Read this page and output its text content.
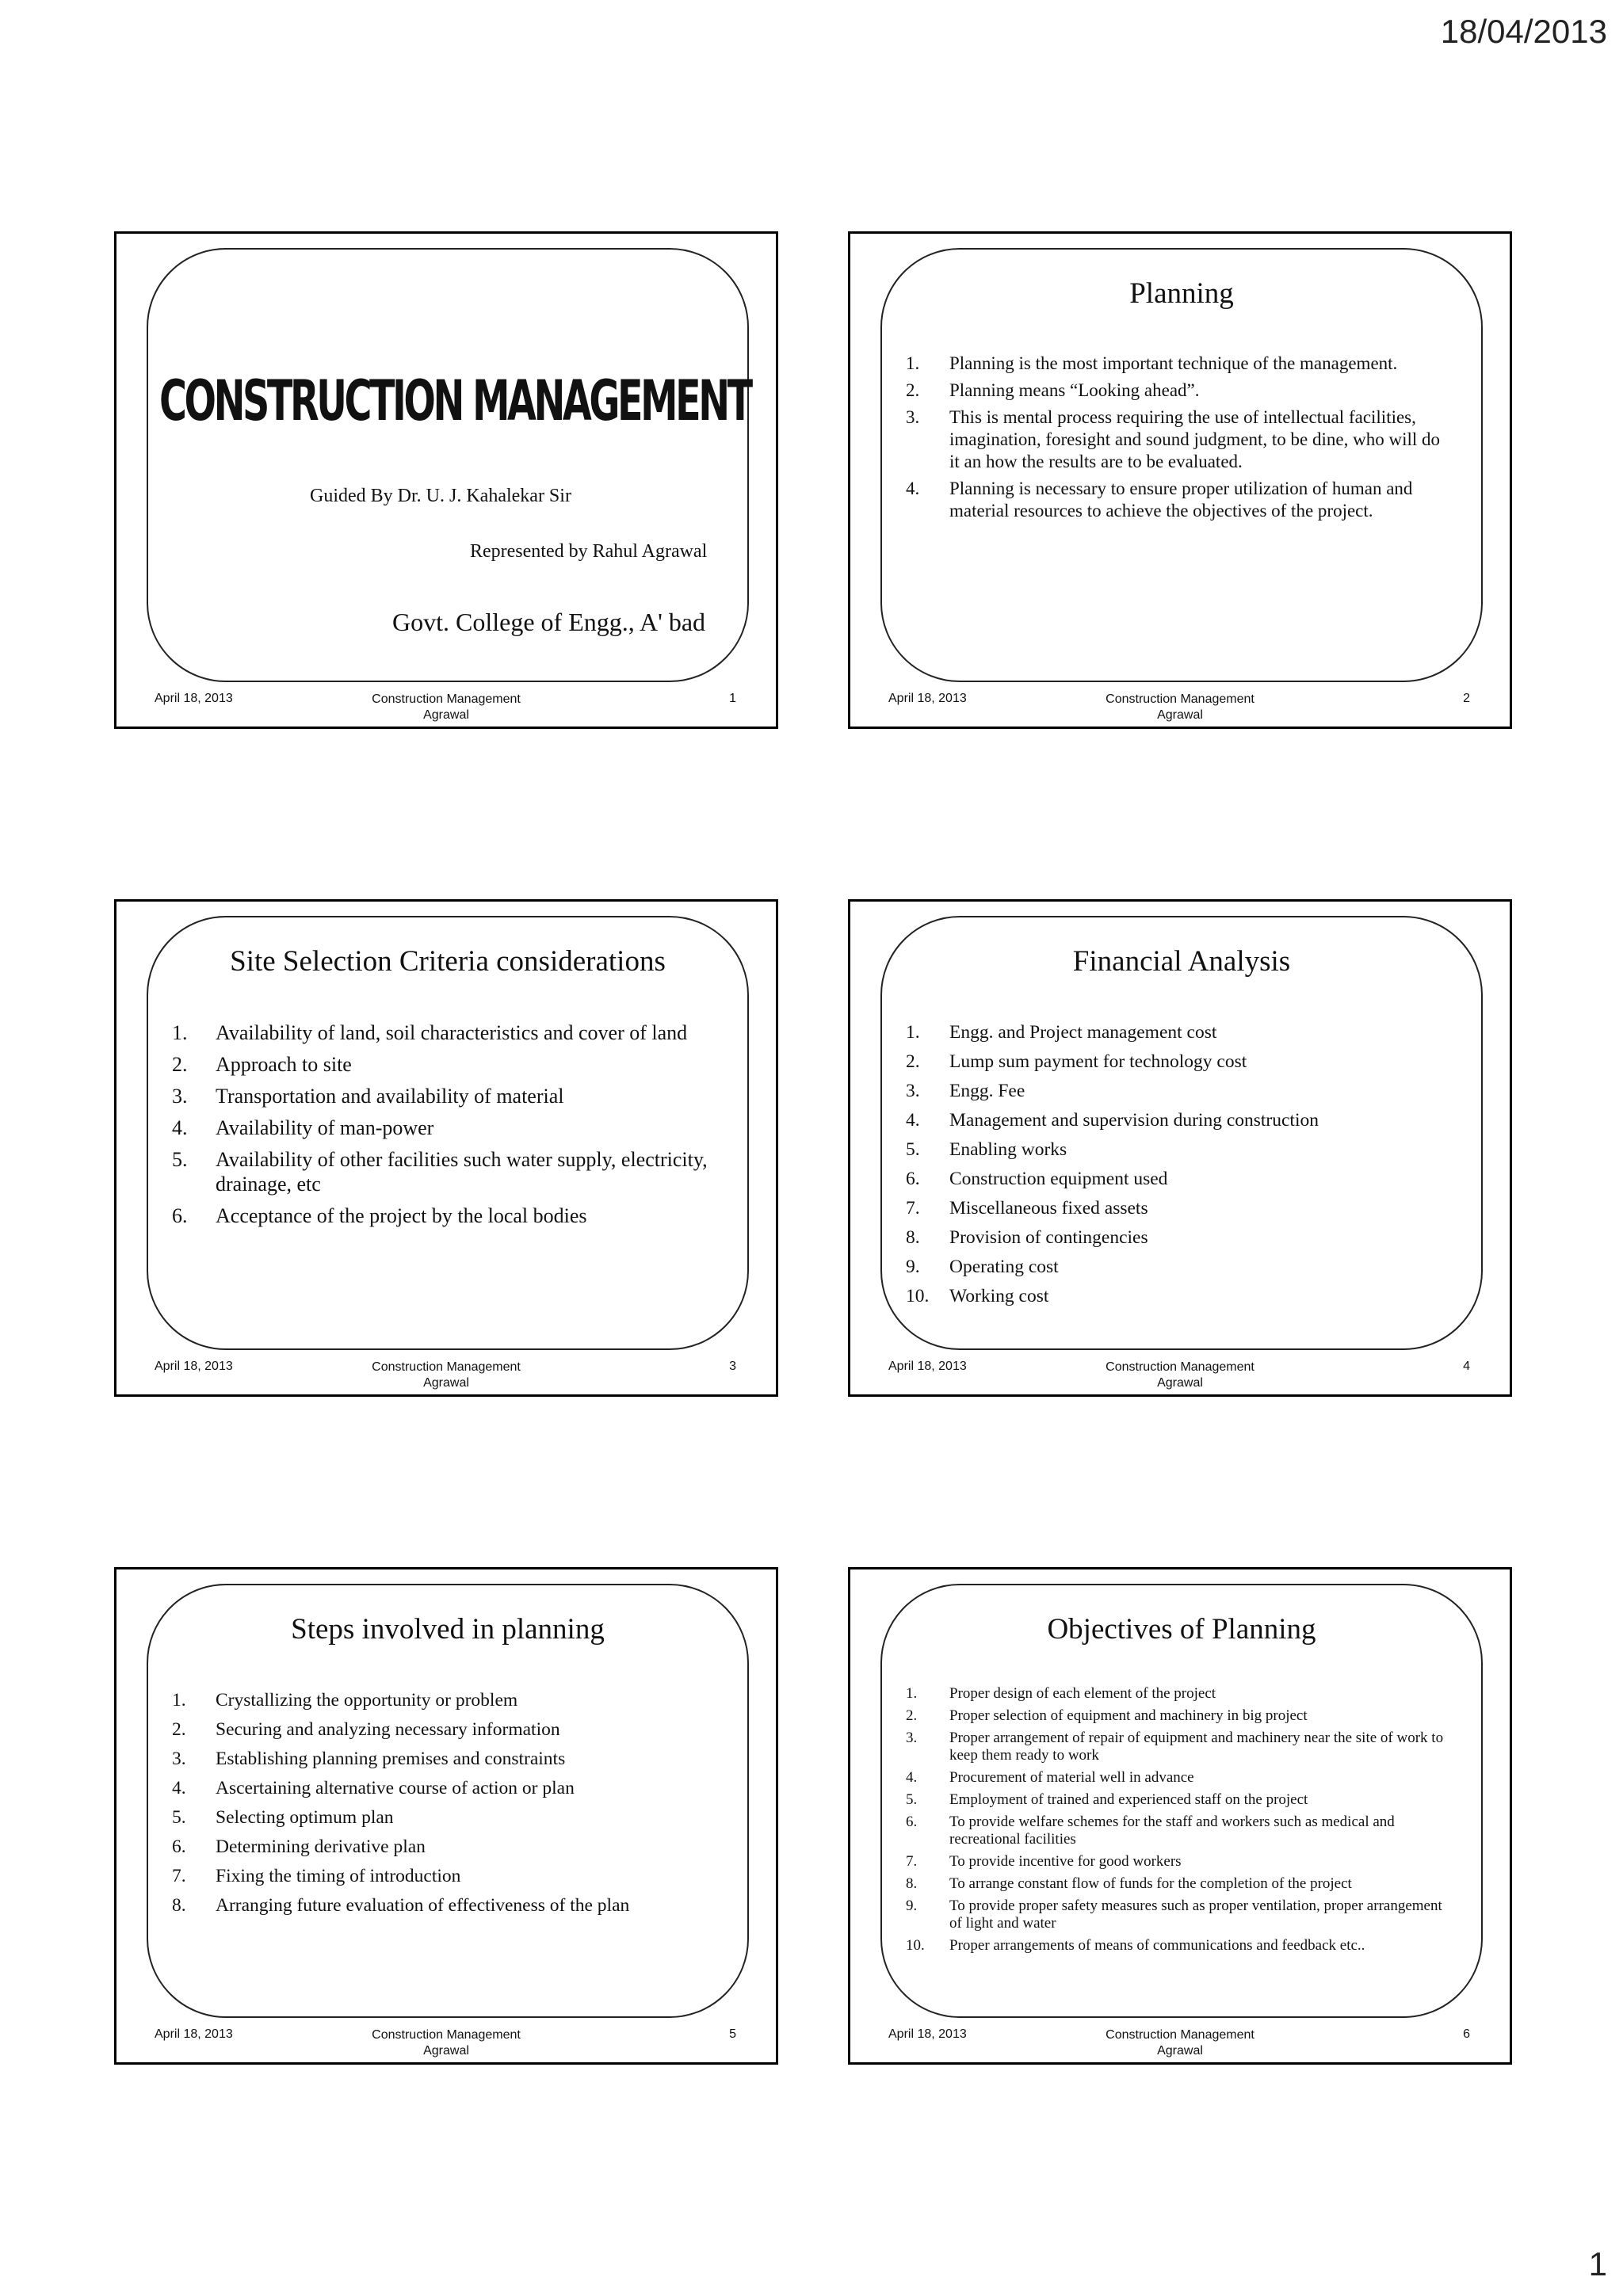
18/04/2013
CONSTRUCTION MANAGEMENT
Guided By Dr. U. J. Kahalekar Sir
Represented by Rahul Agrawal
Govt. College of Engg., A' bad
April 18, 2013	Construction Management
Agrawal
1
Planning
1.	Planning is the most important technique of the management.
2.	Planning means “Looking ahead”.
3.	This is mental process requiring the use of intellectual facilities, imagination, foresight and sound judgment, to be dine, who will do it an how the results are to be evaluated.
4.	Planning is necessary to ensure proper utilization of human and material resources to achieve the objectives of the project.
April 18, 2013	Construction Management
Agrawal
2
Site Selection Criteria considerations
1.	Availability of land, soil characteristics and cover of land
2.	Approach to site
3.	Transportation and availability of material
4.	Availability of man-power
5.	Availability of other facilities such water supply, electricity, drainage, etc
6.	Acceptance of the project by the local bodies
April 18, 2013	Construction Management
Agrawal
3
Financial Analysis
1.	Engg. and Project management cost
2.	Lump sum payment for technology cost
3.	Engg. Fee
4.	Management and supervision during construction
5.	Enabling works
6.	Construction equipment used
7.	Miscellaneous fixed assets
8.	Provision of contingencies
9.	Operating cost
10.	Working cost
April 18, 2013	Construction Management
Agrawal
4
Steps involved in planning
1.	Crystallizing the opportunity or problem
2.	Securing and analyzing necessary information
3.	Establishing planning premises and constraints
4.	Ascertaining alternative course of action or plan
5.	Selecting optimum plan
6.	Determining derivative plan
7.	Fixing the timing of introduction
8.	Arranging future evaluation of effectiveness of the plan
April 18, 2013	Construction Management
Agrawal
5
Objectives of Planning
1.	Proper design of each element of the project
2.	Proper selection of equipment and machinery in big project
3.	Proper arrangement of repair of equipment and machinery near the site of work to keep them ready to work
4.	Procurement of material well in advance
5.	Employment of trained and experienced staff on the project
6.	To provide welfare schemes for the staff and workers such as medical and recreational facilities
7.	To provide incentive for good workers
8.	To arrange constant flow of funds for the completion of the project
9.	To provide proper safety measures such as proper ventilation, proper arrangement of light and water
10.	Proper arrangements of means of communications and feedback etc..
April 18, 2013	Construction Management
Agrawal
6
1
